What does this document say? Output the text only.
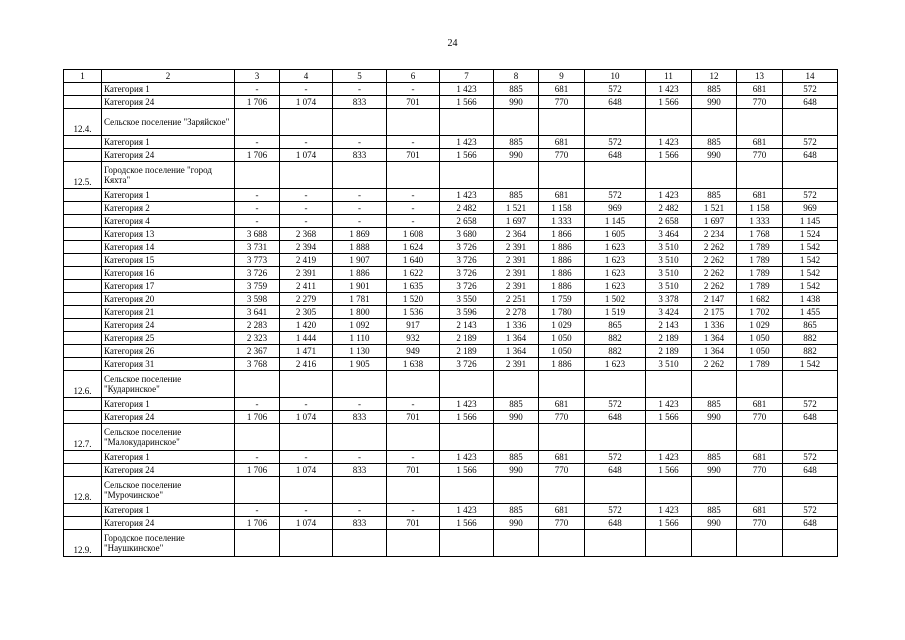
24
1	2	3	4	5	6	7	8	9	10	11	12	13	14
	Категория 1	-	-	-	-	1 423	885	681	572	1 423	885	681	572
	Категория 24	1 706	1 074	833	701	1 566	990	770	648	1 566	990	770	648
12.4.	Сельское поселение "Заряйское"												
	Категория 1	-	-	-	-	1 423	885	681	572	1 423	885	681	572
	Категория 24	1 706	1 074	833	701	1 566	990	770	648	1 566	990	770	648
12.5.	Городское поселение "город Кяхта"												
	Категория 1	-	-	-	-	1 423	885	681	572	1 423	885	681	572
	Категория 2	-	-	-	-	2 482	1 521	1 158	969	2 482	1 521	1 158	969
	Категория 4	-	-	-	-	2 658	1 697	1 333	1 145	2 658	1 697	1 333	1 145
	Категория 13	3 688	2 368	1 869	1 608	3 680	2 364	1 866	1 605	3 464	2 234	1 768	1 524
	Категория 14	3 731	2 394	1 888	1 624	3 726	2 391	1 886	1 623	3 510	2 262	1 789	1 542
	Категория 15	3 773	2 419	1 907	1 640	3 726	2 391	1 886	1 623	3 510	2 262	1 789	1 542
	Категория 16	3 726	2 391	1 886	1 622	3 726	2 391	1 886	1 623	3 510	2 262	1 789	1 542
	Категория 17	3 759	2 411	1 901	1 635	3 726	2 391	1 886	1 623	3 510	2 262	1 789	1 542
	Категория 20	3 598	2 279	1 781	1 520	3 550	2 251	1 759	1 502	3 378	2 147	1 682	1 438
	Категория 21	3 641	2 305	1 800	1 536	3 596	2 278	1 780	1 519	3 424	2 175	1 702	1 455
	Категория 24	2 283	1 420	1 092	917	2 143	1 336	1 029	865	2 143	1 336	1 029	865
	Категория 25	2 323	1 444	1 110	932	2 189	1 364	1 050	882	2 189	1 364	1 050	882
	Категория 26	2 367	1 471	1 130	949	2 189	1 364	1 050	882	2 189	1 364	1 050	882
	Категория 31	3 768	2 416	1 905	1 638	3 726	2 391	1 886	1 623	3 510	2 262	1 789	1 542
12.6.	Сельское поселение "Кударинское"												
	Категория 1	-	-	-	-	1 423	885	681	572	1 423	885	681	572
	Категория 24	1 706	1 074	833	701	1 566	990	770	648	1 566	990	770	648
12.7.	Сельское поселение "Малокударинское"												
	Категория 1	-	-	-	-	1 423	885	681	572	1 423	885	681	572
	Категория 24	1 706	1 074	833	701	1 566	990	770	648	1 566	990	770	648
12.8.	Сельское поселение "Мурочинское"												
	Категория 1	-	-	-	-	1 423	885	681	572	1 423	885	681	572
	Категория 24	1 706	1 074	833	701	1 566	990	770	648	1 566	990	770	648
12.9.	Городское поселение "Наушкинское"												
